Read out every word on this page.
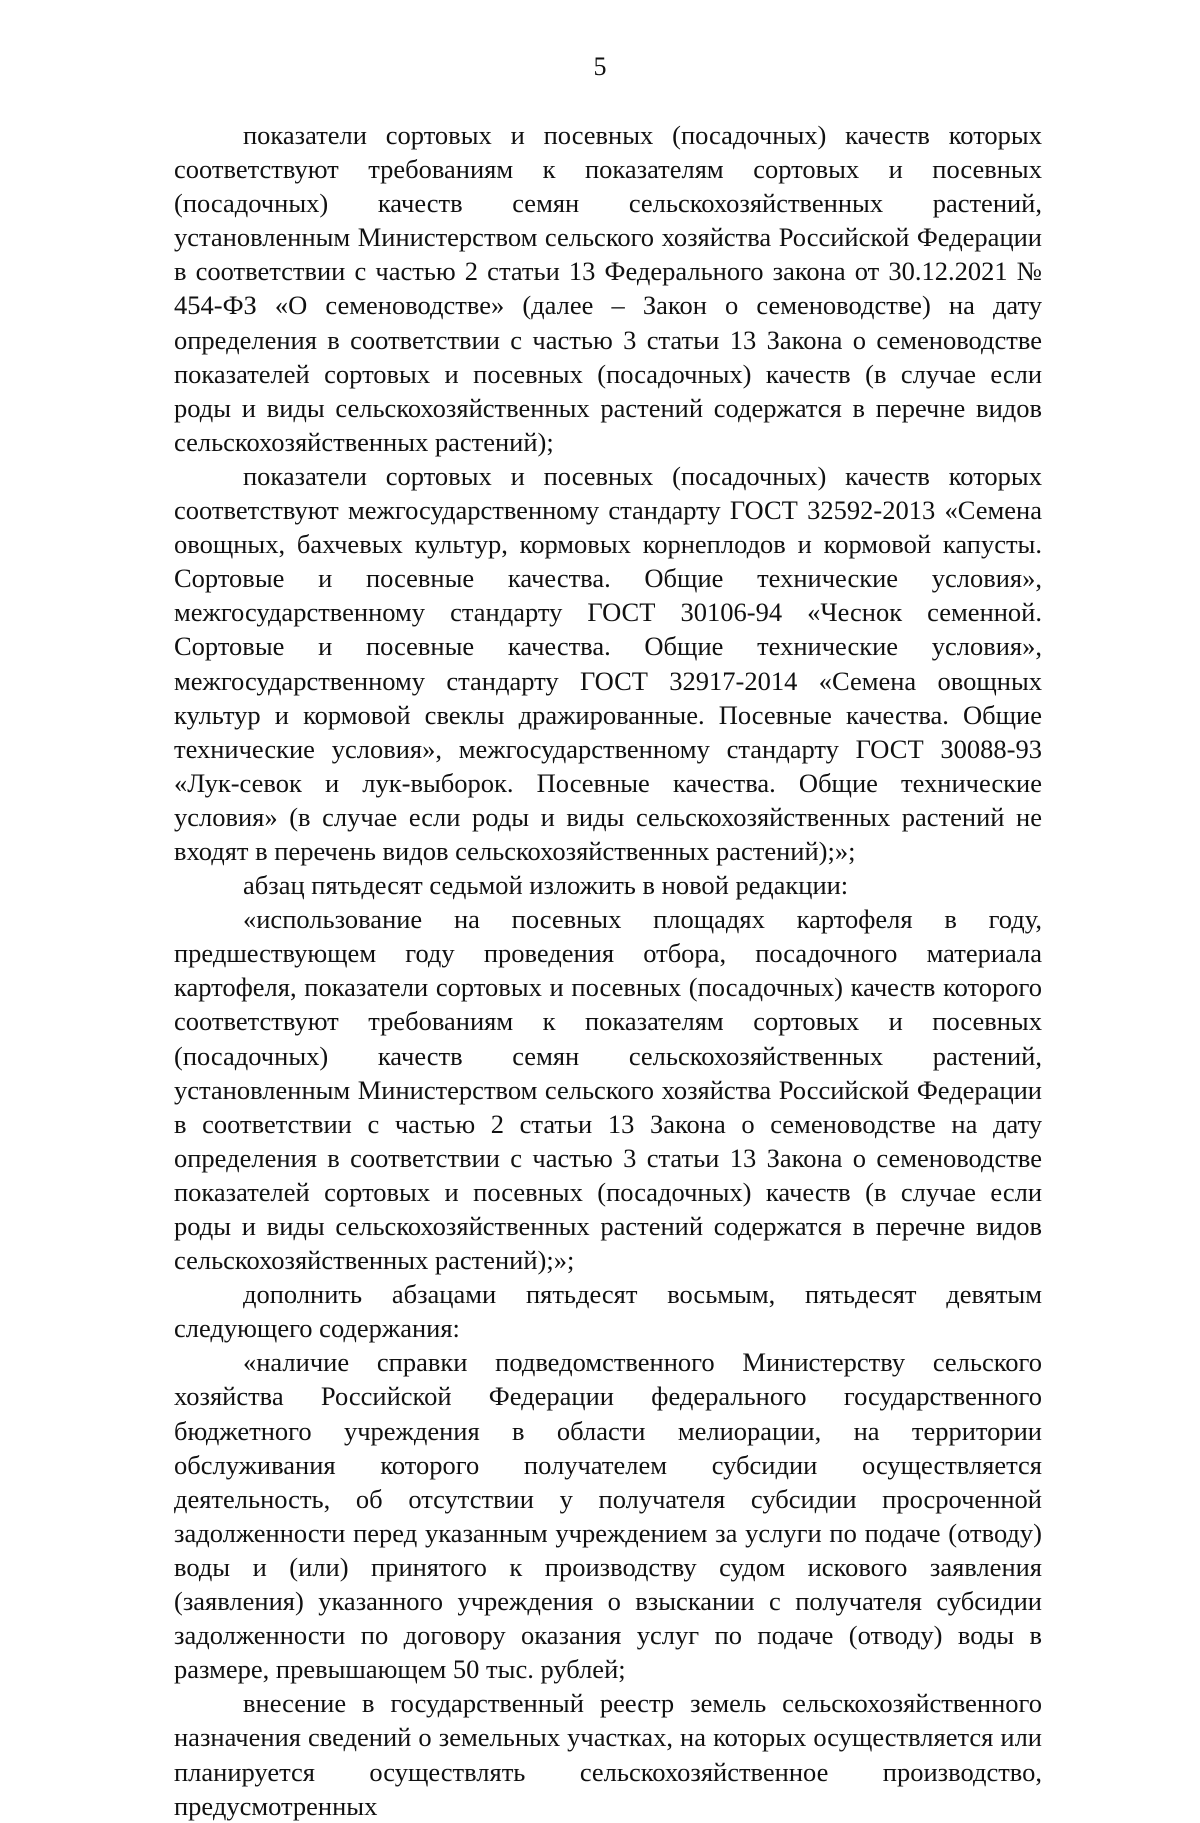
5

показатели сортовых и посевных (посадочных) качеств которых соответствуют требованиям к показателям сортовых и посевных (посадочных) качеств семян сельскохозяйственных растений, установленным Министерством сельского хозяйства Российской Федерации в соответствии с частью 2 статьи 13 Федерального закона от 30.12.2021 № 454-ФЗ «О семеноводстве» (далее – Закон о семеноводстве) на дату определения в соответствии с частью 3 статьи 13 Закона о семеноводстве показателей сортовых и посевных (посадочных) качеств (в случае если роды и виды сельскохозяйственных растений содержатся в перечне видов сельскохозяйственных растений);

показатели сортовых и посевных (посадочных) качеств которых соответствуют межгосударственному стандарту ГОСТ 32592-2013 «Семена овощных, бахчевых культур, кормовых корнеплодов и кормовой капусты. Сортовые и посевные качества. Общие технические условия», межгосударственному стандарту ГОСТ 30106-94 «Чеснок семенной. Сортовые и посевные качества. Общие технические условия», межгосударственному стандарту ГОСТ 32917-2014 «Семена овощных культур и кормовой свеклы дражированные. Посевные качества. Общие технические условия», межгосударственному стандарту ГОСТ 30088-93 «Лук-севок и лук-выборок. Посевные качества. Общие технические условия» (в случае если роды и виды сельскохозяйственных растений не входят в перечень видов сельскохозяйственных растений);»;

абзац пятьдесят седьмой изложить в новой редакции:

«использование на посевных площадях картофеля в году, предшествующем году проведения отбора, посадочного материала картофеля, показатели сортовых и посевных (посадочных) качеств которого соответствуют требованиям к показателям сортовых и посевных (посадочных) качеств семян сельскохозяйственных растений, установленным Министерством сельского хозяйства Российской Федерации в соответствии с частью 2 статьи 13 Закона о семеноводстве на дату определения в соответствии с частью 3 статьи 13 Закона о семеноводстве показателей сортовых и посевных (посадочных) качеств (в случае если роды и виды сельскохозяйственных растений содержатся в перечне видов сельскохозяйственных растений);»;

дополнить абзацами пятьдесят восьмым, пятьдесят девятым следующего содержания:

«наличие справки подведомственного Министерству сельского хозяйства Российской Федерации федерального государственного бюджетного учреждения в области мелиорации, на территории обслуживания которого получателем субсидии осуществляется деятельность, об отсутствии у получателя субсидии просроченной задолженности перед указанным учреждением за услуги по подаче (отводу) воды и (или) принятого к производству судом искового заявления (заявления) указанного учреждения о взыскании с получателя субсидии задолженности по договору оказания услуг по подаче (отводу) воды в размере, превышающем 50 тыс. рублей;

внесение в государственный реестр земель сельскохозяйственного назначения сведений о земельных участках, на которых осуществляется или планируется осуществлять сельскохозяйственное производство, предусмотренных
